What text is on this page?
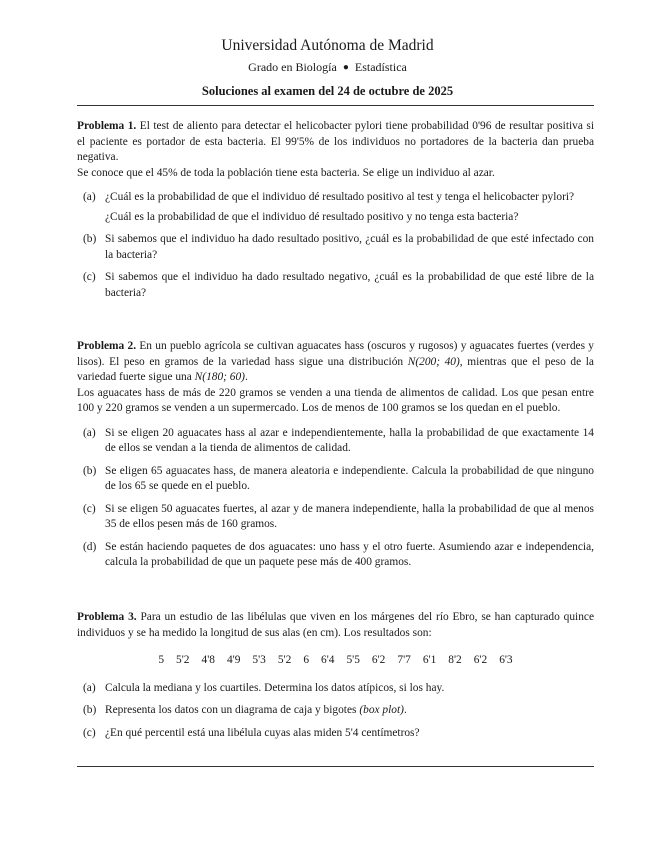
Universidad Autónoma de Madrid
Grado en Biología ● Estadística
Soluciones al examen del 24 de octubre de 2025

Problema 1. El test de aliento para detectar el helicobacter pylori tiene probabilidad 0'96 de resultar positiva si el paciente es portador de esta bacteria. El 99'5% de los individuos no portadores de la bacteria dan prueba negativa.

Se conoce que el 45% de toda la población tiene esta bacteria. Se elige un individuo al azar.

(a) ¿Cuál es la probabilidad de que el individuo dé resultado positivo al test y tenga el helicobacter pylori?
¿Cuál es la probabilidad de que el individuo dé resultado positivo y no tenga esta bacteria?
(b) Si sabemos que el individuo ha dado resultado positivo, ¿cuál es la probabilidad de que esté infectado con la bacteria?
(c) Si sabemos que el individuo ha dado resultado negativo, ¿cuál es la probabilidad de que esté libre de la bacteria?

Problema 2. En un pueblo agrícola se cultivan aguacates hass (oscuros y rugosos) y aguacates fuertes (verdes y lisos). El peso en gramos de la variedad hass sigue una distribución N(200; 40), mientras que el peso de la variedad fuerte sigue una N(180; 60).

Los aguacates hass de más de 220 gramos se venden a una tienda de alimentos de calidad. Los que pesan entre 100 y 220 gramos se venden a un supermercado. Los de menos de 100 gramos se los quedan en el pueblo.

(a) Si se eligen 20 aguacates hass al azar e independientemente, halla la probabilidad de que exactamente 14 de ellos se vendan a la tienda de alimentos de calidad.
(b) Se eligen 65 aguacates hass, de manera aleatoria e independiente. Calcula la probabilidad de que ninguno de los 65 se quede en el pueblo.
(c) Si se eligen 50 aguacates fuertes, al azar y de manera independiente, halla la probabilidad de que al menos 35 de ellos pesen más de 160 gramos.
(d) Se están haciendo paquetes de dos aguacates: uno hass y el otro fuerte. Asumiendo azar e independencia, calcula la probabilidad de que un paquete pese más de 400 gramos.

Problema 3. Para un estudio de las libélulas que viven en los márgenes del río Ebro, se han capturado quince individuos y se ha medido la longitud de sus alas (en cm). Los resultados son:

5 5'2 4'8 4'9 5'3 5'2 6 6'4 5'5 6'2 7'7 6'1 8'2 6'2 6'3
(a) Calcula la mediana y los cuartiles. Determina los datos atípicos, si los hay.
(b) Representa los datos con un diagrama de caja y bigotes (box plot).
(c) ¿En qué percentil está una libélula cuyas alas miden 5'4 centímetros?
